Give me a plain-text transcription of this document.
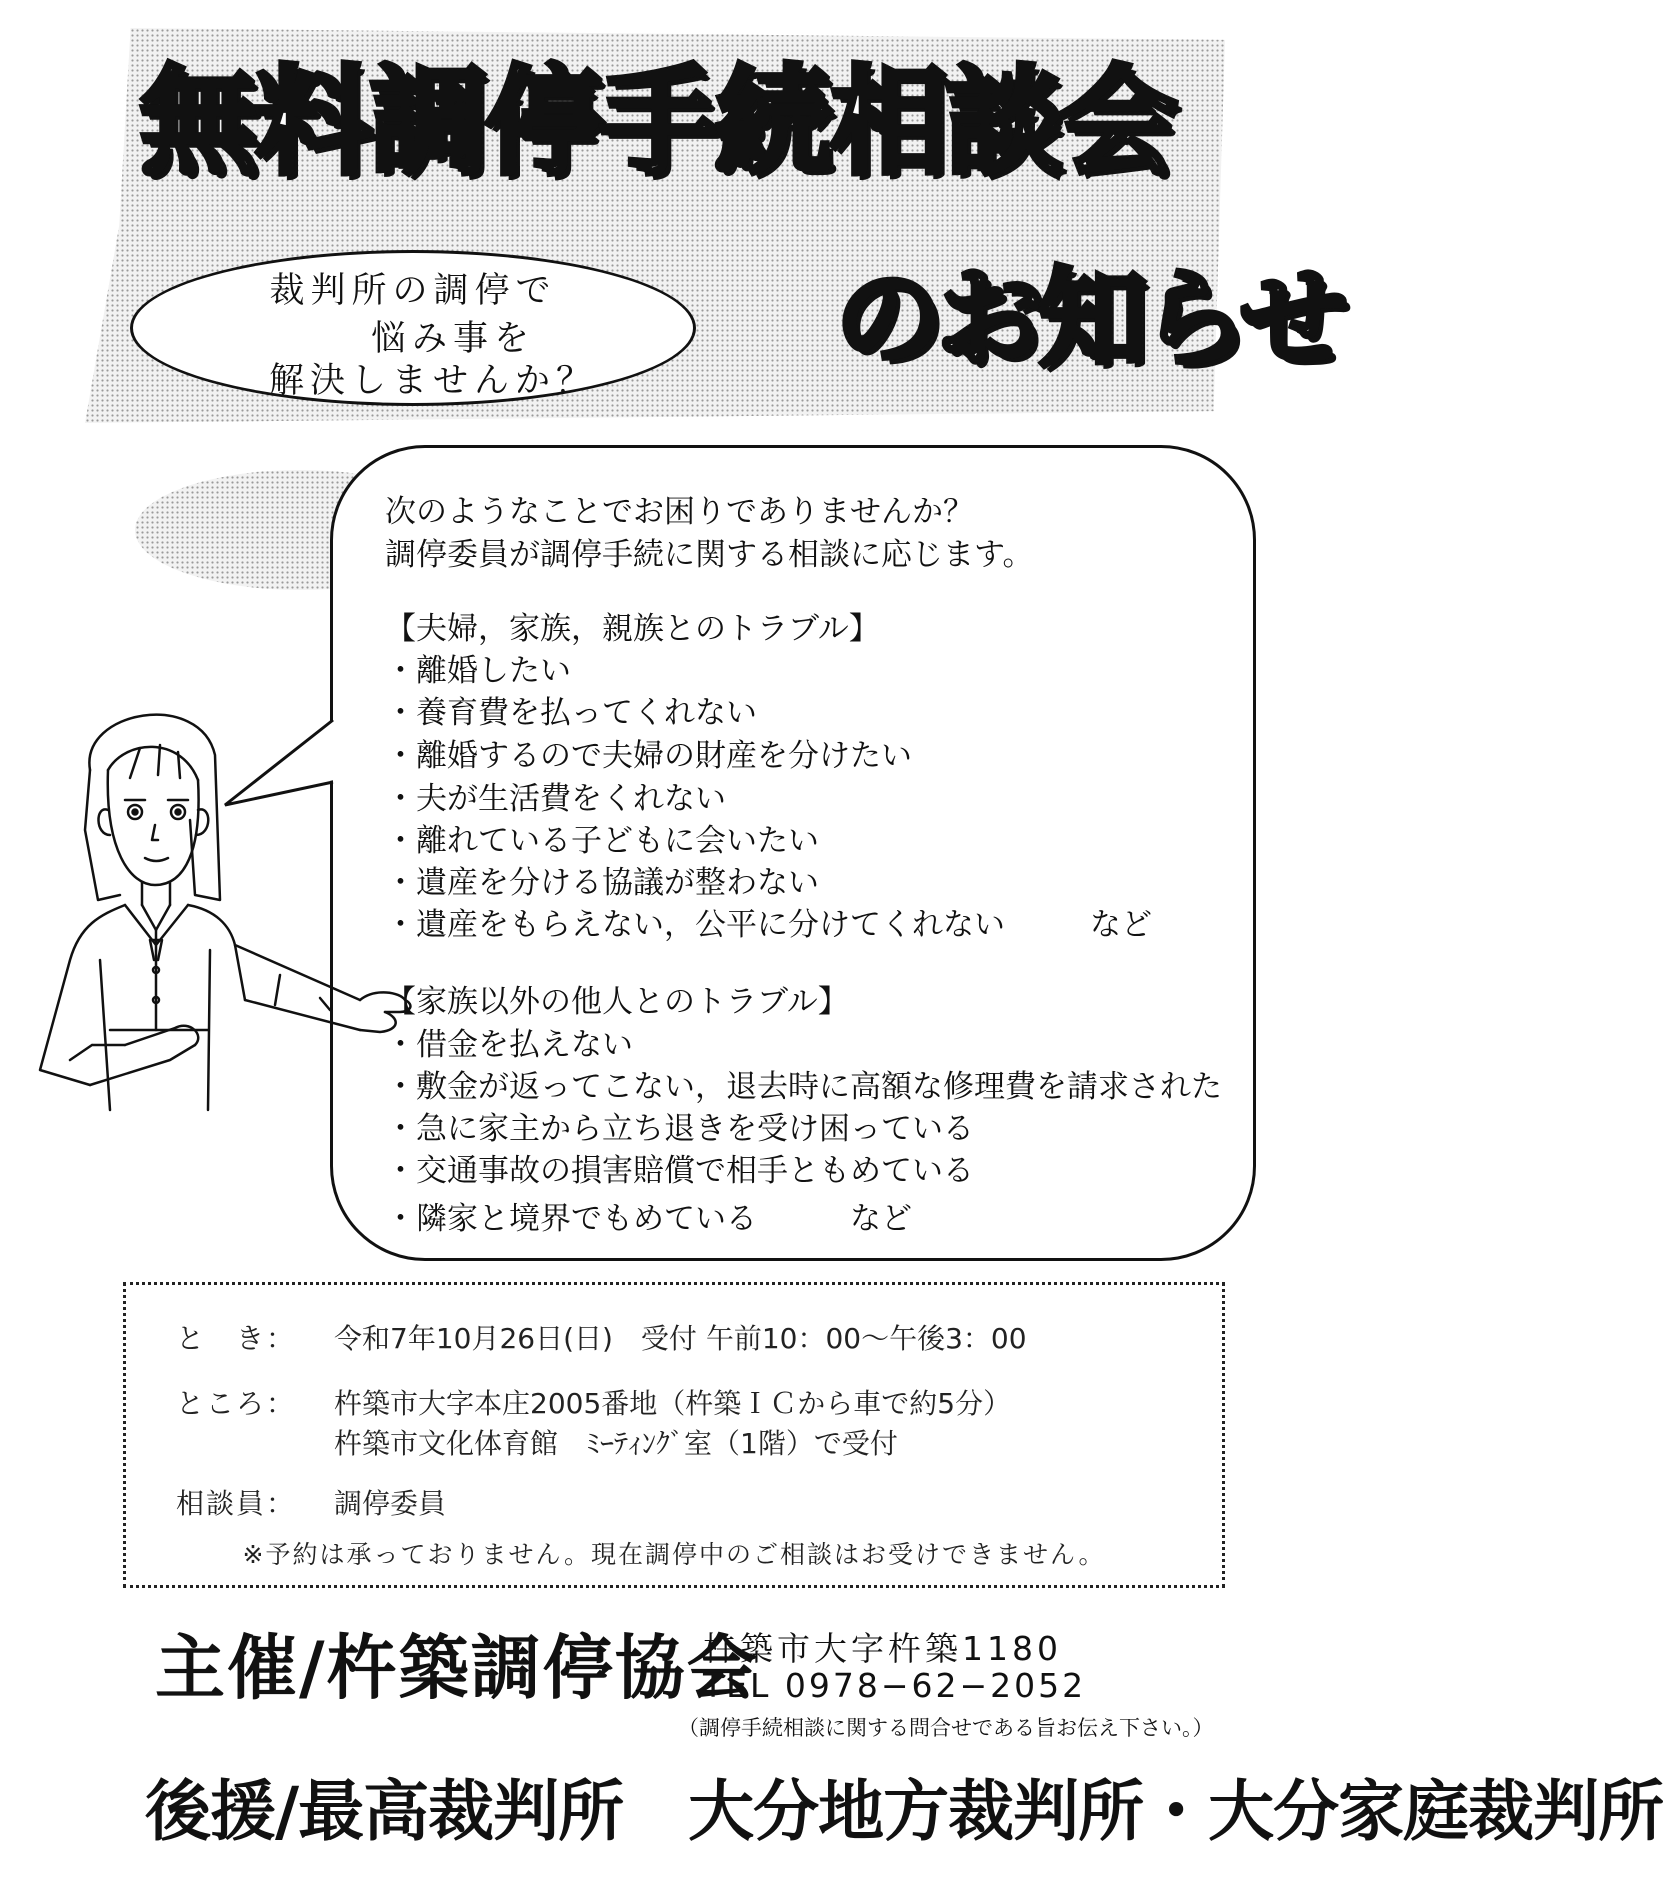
無料調停手続相談会
裁判所の調停で
悩み事を
解決しませんか？	のお知らせ
次のようなことでお困りでありませんか？
調停委員が調停手続に関する相談に応じます。
【夫婦，家族，親族とのトラブル】
・離婚したい
・養育費を払ってくれない
・離婚するので夫婦の財産を分けたい
・夫が生活費をくれない
・離れている子どもに会いたい
・遺産を分ける協議が整わない
・遺産をもらえない，公平に分けてくれない	など
【家族以外の他人とのトラブル】
・借金を払えない
・敷金が返ってこない，退去時に高額な修理費を請求された
・急に家主から立ち退きを受け困っている
・交通事故の損害賠償で相手ともめている
・隣家と境界でもめている	など
と　き： 令和7年10月26日(日)　受付 午前10：00～午後3：00
ところ： 杵築市大字本庄2005番地（杵築ＩＣから車で約5分）
杵築市文化体育館　ﾐｰﾃｨﾝｸﾞ室（1階）で受付
相談員： 調停委員
※予約は承っておりません。現在調停中のご相談はお受けできません。
主催/杵築調停協会
杵築市大字杵築1180
TEL 0978−62−2052
（調停手続相談に関する問合せである旨お伝え下さい。）
後援/最高裁判所　大分地方裁判所・大分家庭裁判所
